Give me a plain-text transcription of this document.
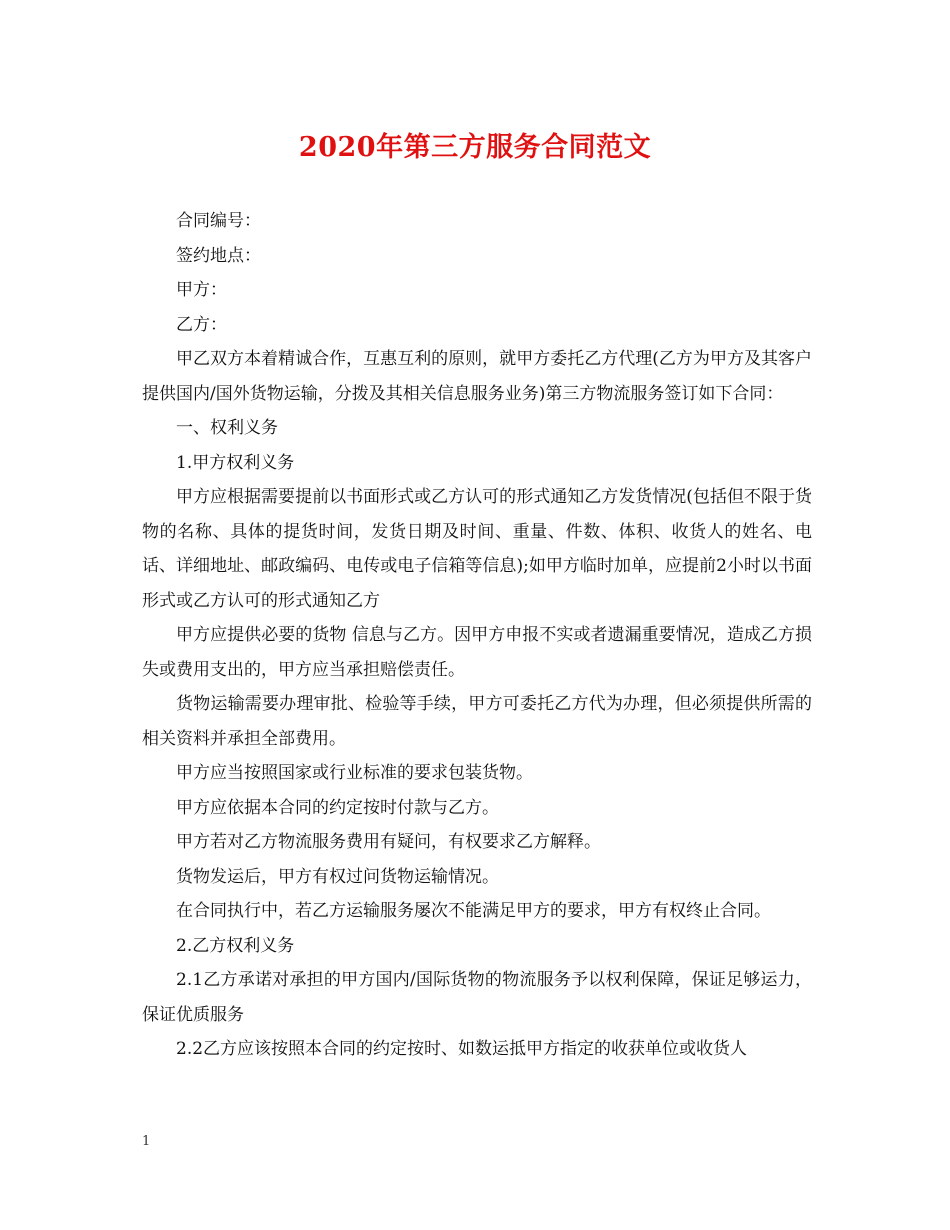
2020年第三方服务合同范文

合同编号：

签约地点：

甲方：

乙方：

甲乙双方本着精诚合作，互惠互利的原则，就甲方委托乙方代理(乙方为甲方及其客户提供国内/国外货物运输，分拨及其相关信息服务业务)第三方物流服务签订如下合同：

一、权利义务

1.甲方权利义务

甲方应根据需要提前以书面形式或乙方认可的形式通知乙方发货情况(包括但不限于货物的名称、具体的提货时间，发货日期及时间、重量、件数、体积、收货人的姓名、电话、详细地址、邮政编码、电传或电子信箱等信息);如甲方临时加单，应提前2小时以书面形式或乙方认可的形式通知乙方

甲方应提供必要的货物 信息与乙方。因甲方申报不实或者遗漏重要情况，造成乙方损失或费用支出的，甲方应当承担赔偿责任。

货物运输需要办理审批、检验等手续，甲方可委托乙方代为办理，但必须提供所需的相关资料并承担全部费用。

甲方应当按照国家或行业标准的要求包装货物。

甲方应依据本合同的约定按时付款与乙方。

甲方若对乙方物流服务费用有疑问，有权要求乙方解释。

货物发运后，甲方有权过问货物运输情况。

在合同执行中，若乙方运输服务屡次不能满足甲方的要求，甲方有权终止合同。

2.乙方权利义务

2.1乙方承诺对承担的甲方国内/国际货物的物流服务予以权利保障，保证足够运力，保证优质服务

2.2乙方应该按照本合同的约定按时、如数运抵甲方指定的收获单位或收货人

1
